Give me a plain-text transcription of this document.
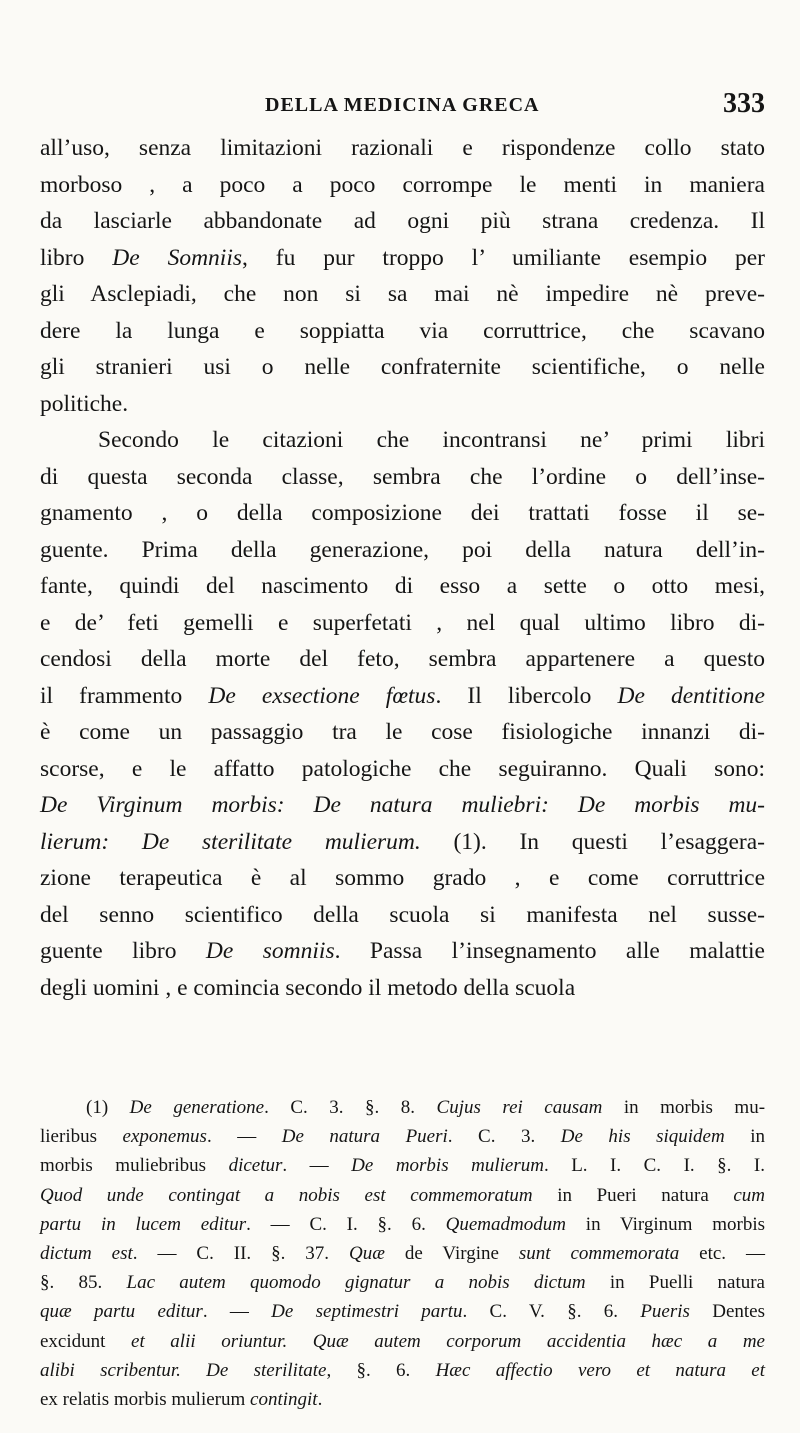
DELLA MEDICINA GRECA	333

all’uso, senza limitazioni razionali e rispondenze collo stato
morboso , a poco a poco corrompe le menti in maniera
da lasciarle abbandonate ad ogni più strana credenza. Il
libro De Somniis, fu pur troppo l’ umiliante esempio per
gli Asclepiadi, che non si sa mai nè impedire nè preve-
dere la lunga e soppiatta via corruttrice, che scavano
gli stranieri usi o nelle confraternite scientifiche, o nelle
politiche.

Secondo le citazioni che incontransi ne’ primi libri
di questa seconda classe, sembra che l’ordine o dell’inse-
gnamento , o della composizione dei trattati fosse il se-
guente. Prima della generazione, poi della natura dell’in-
fante, quindi del nascimento di esso a sette o otto mesi,
e de’ feti gemelli e superfetati , nel qual ultimo libro di-
cendosi della morte del feto, sembra appartenere a questo
il frammento De exsectione fœtus. Il libercolo De dentitione
è come un passaggio tra le cose fisiologiche innanzi di-
scorse, e le affatto patologiche che seguiranno. Quali sono:
De Virginum morbis: De natura muliebri: De morbis mu-
lierum: De sterilitate mulierum. (1). In questi l’esaggera-
zione terapeutica è al sommo grado , e come corruttrice
del senno scientifico della scuola si manifesta nel susse-
guente libro De somniis. Passa l’insegnamento alle malattie
degli uomini , e comincia secondo il metodo della scuola

(1) De generatione. C. 3. §. 8. Cujus rei causam in morbis mu-
lieribus exponemus. — De natura Pueri. C. 3. De his siquidem in
morbis muliebribus dicetur. — De morbis mulierum. L. I. C. I. §. I.
Quod unde contingat a nobis est commemoratum in Pueri natura cum
partu in lucem editur. — C. I. §. 6. Quemadmodum in Virginum morbis
dictum est. — C. II. §. 37. Quæ de Virgine sunt commemorata etc. —
§. 85. Lac autem quomodo gignatur a nobis dictum in Puelli natura
quæ partu editur. — De septimestri partu. C. V. §. 6. Pueris Dentes
excidunt et alii oriuntur. Quæ autem corporum accidentia hæc a me
alibi scribentur. De sterilitate, §. 6. Hæc affectio vero et natura et
ex relatis morbis mulierum contingit.
